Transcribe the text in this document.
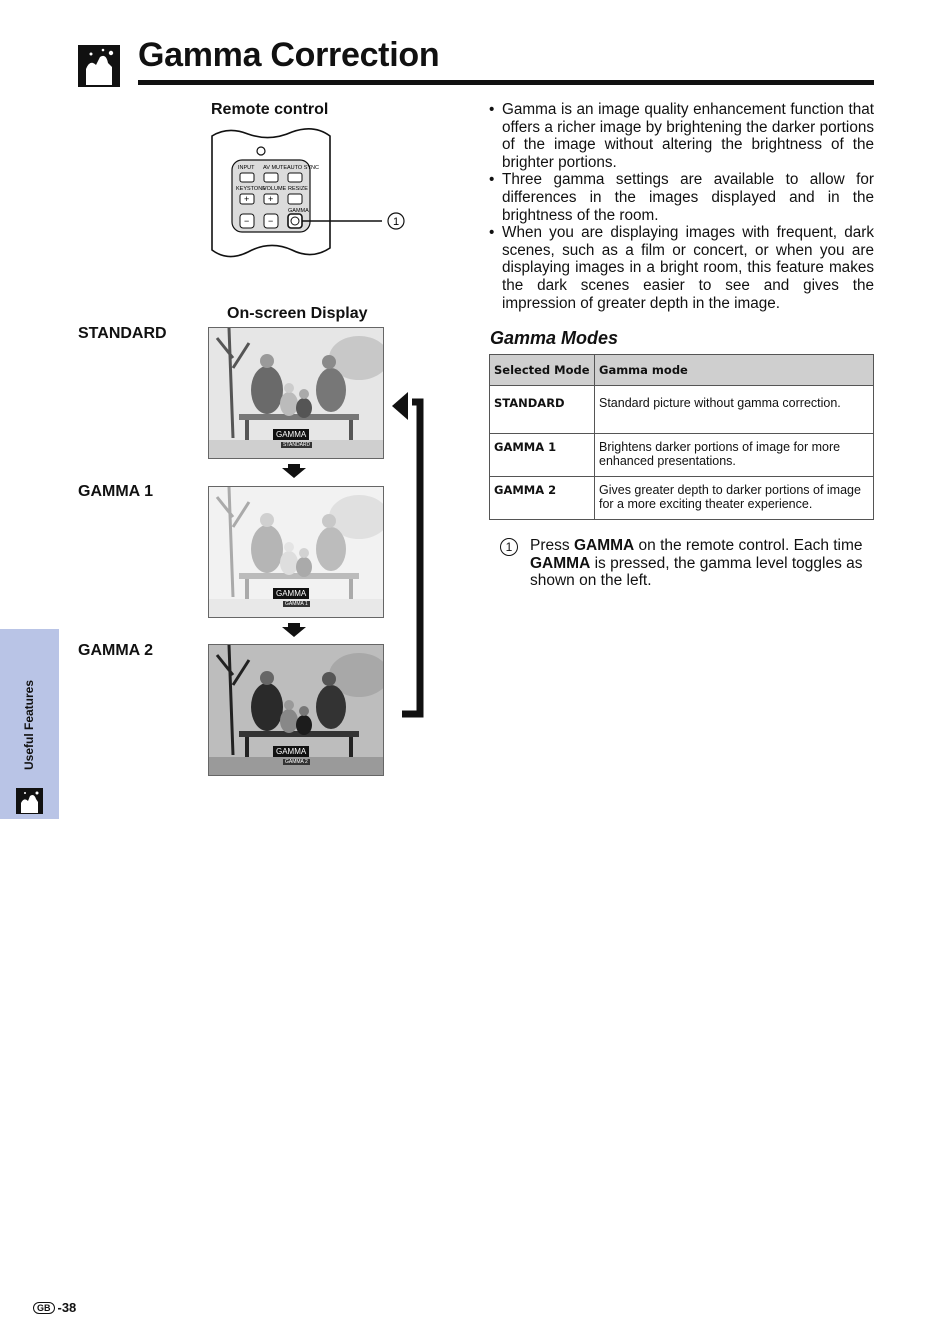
Gamma Correction
Remote control
INPUT AV MUTE AUTO SYNC
KEYSTONE
VOLUME RESIZE
+ +
GAMMA
− −	1
On-screen Display
STANDARD
GAMMA 1
GAMMA 2
GAMMA
STANDARD
GAMMA
GAMMA 1
GAMMA
GAMMA 2
• Gamma is an image quality enhancement function that offers a richer image by brightening the darker portions of the image without altering the brightness of the brighter portions.
• Three gamma settings are available to allow for differences in the images displayed and in the brightness of the room.
• When you are displaying images with frequent, dark scenes, such as a film or concert, or when you are displaying images in a bright room, this feature makes the dark scenes easier to see and gives the impression of greater depth in the image.
Gamma Modes
Selected Mode	Gamma mode
STANDARD	Standard picture without gamma correction.
GAMMA 1	Brightens darker portions of image for more enhanced presentations.
GAMMA 2	Gives greater depth to darker portions of image for a more exciting theater experience.
1	Press GAMMA on the remote control. Each time GAMMA is pressed, the gamma level toggles as shown on the left.
Useful Features
GB -38
